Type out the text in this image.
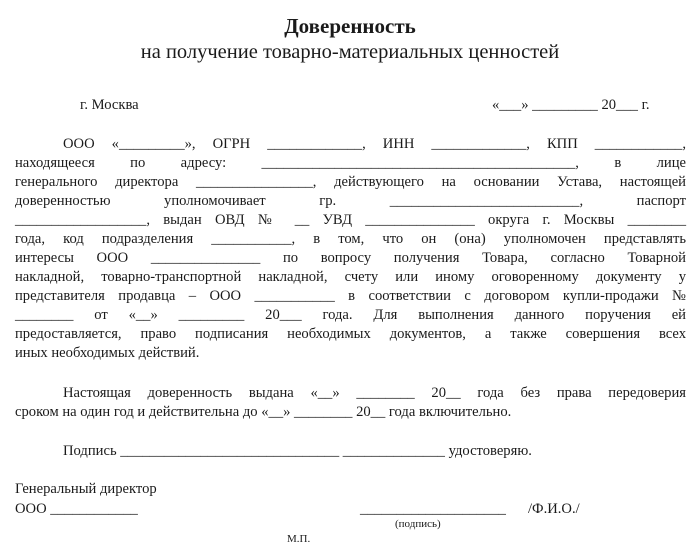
Доверенность
на получение товарно-материальных ценностей
г. Москва	«___» _________ 20___ г.
ООО «_________», ОГРН _____________, ИНН _____________, КПП ____________,
находящееся по адресу: ___________________________________________, в лице
генерального директора ________________, действующего на основании Устава, настоящей
доверенностью уполномочивает гр. __________________________, паспорт
__________________, выдан ОВД № __ УВД _______________ округа г. Москвы ________
года, код подразделения ___________, в том, что он (она) уполномочен представлять
интересы ООО _______________ по вопросу получения Товара, согласно Товарной
накладной, товарно-транспортной накладной, счету или иному оговоренному документу у
представителя продавца – ООО ___________ в соответствии с договором купли-продажи №
________ от «__» _________ 20___ года. Для выполнения данного поручения ей
предоставляется, право подписания необходимых документов, а также совершения всех
иных необходимых действий.
Настоящая доверенность выдана «__» ________ 20__ года без права передоверия
сроком на один год и действительна до «__» ________ 20__ года включительно.
Подпись ______________________________ ______________ удостоверяю.
Генеральный директор
ООО ____________	____________________ /Ф.И.О./
(подпись)
М.П.
